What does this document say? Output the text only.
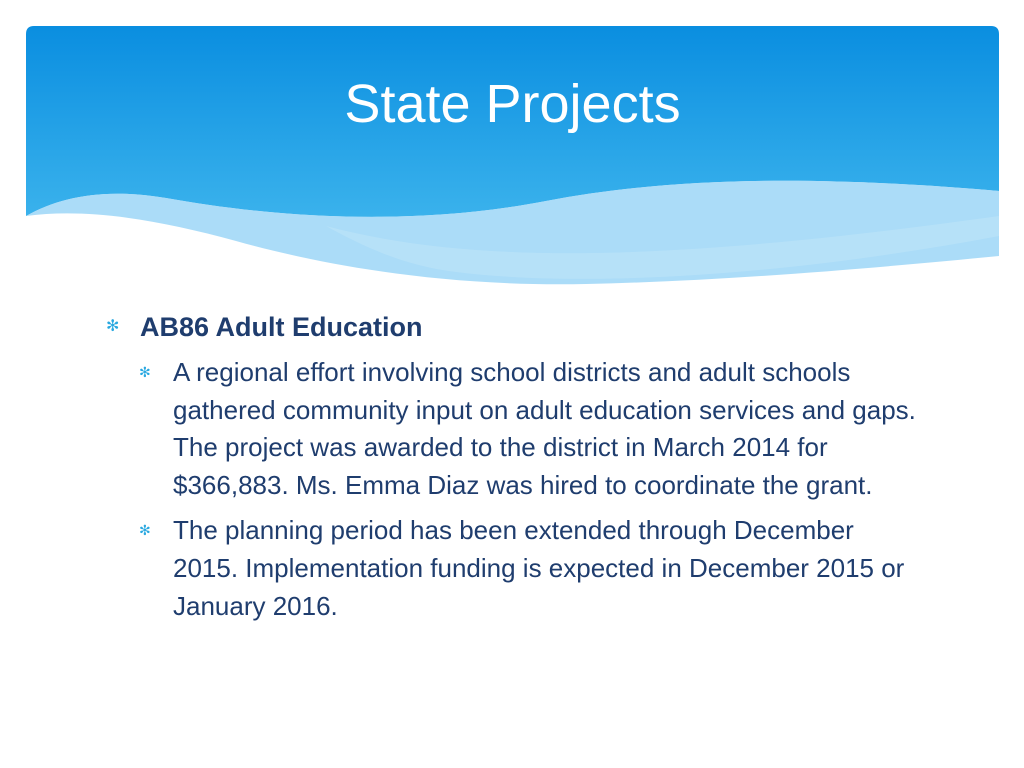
State Projects

✻ AB86 Adult Education

✻ A regional effort involving school districts and adult schools gathered community input on adult education services and gaps. The project was awarded to the district in March 2014 for $366,883. Ms. Emma Diaz was hired to coordinate the grant.

✻ The planning period has been extended through December 2015. Implementation funding is expected in December 2015 or January 2016.
